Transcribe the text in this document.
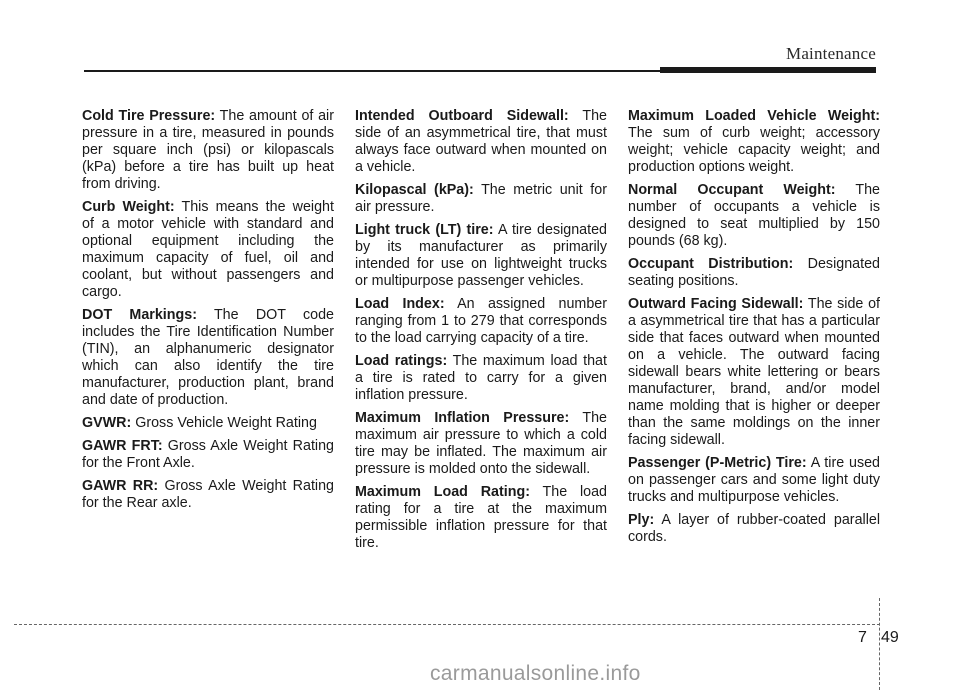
Maintenance

Cold Tire Pressure: The amount of air pressure in a tire, measured in pounds per square inch (psi) or kilopascals (kPa) before a tire has built up heat from driving.

Curb Weight: This means the weight of a motor vehicle with standard and optional equipment including the maximum capacity of fuel, oil and coolant, but without passengers and cargo.

DOT Markings: The DOT code includes the Tire Identification Number (TIN), an alphanumeric designator which can also identify the tire manufacturer, production plant, brand and date of production.

GVWR: Gross Vehicle Weight Rating

GAWR FRT: Gross Axle Weight Rating for the Front Axle.

GAWR RR: Gross Axle Weight Rating for the Rear axle.

Intended Outboard Sidewall: The side of an asymmetrical tire, that must always face outward when mounted on a vehicle.

Kilopascal (kPa): The metric unit for air pressure.

Light truck (LT) tire: A tire designated by its manufacturer as primarily intended for use on lightweight trucks or multipurpose passenger vehicles.

Load Index: An assigned number ranging from 1 to 279 that corresponds to the load carrying capacity of a tire.

Load ratings: The maximum load that a tire is rated to carry for a given inflation pressure.

Maximum Inflation Pressure: The maximum air pressure to which a cold tire may be inflated. The maximum air pressure is molded onto the sidewall.

Maximum Load Rating: The load rating for a tire at the maximum permissible inflation pressure for that tire.

Maximum Loaded Vehicle Weight: The sum of curb weight; accessory weight; vehicle capacity weight; and production options weight.

Normal Occupant Weight: The number of occupants a vehicle is designed to seat multiplied by 150 pounds (68 kg).

Occupant Distribution: Designated seating positions.

Outward Facing Sidewall: The side of a asymmetrical tire that has a particular side that faces outward when mounted on a vehicle. The outward facing sidewall bears white lettering or bears manufacturer, brand, and/or model name molding that is higher or deeper than the same moldings on the inner facing sidewall.

Passenger (P-Metric) Tire: A tire used on passenger cars and some light duty trucks and multipurpose vehicles.

Ply: A layer of rubber-coated parallel cords.

7 49
carmanualsonline.info
